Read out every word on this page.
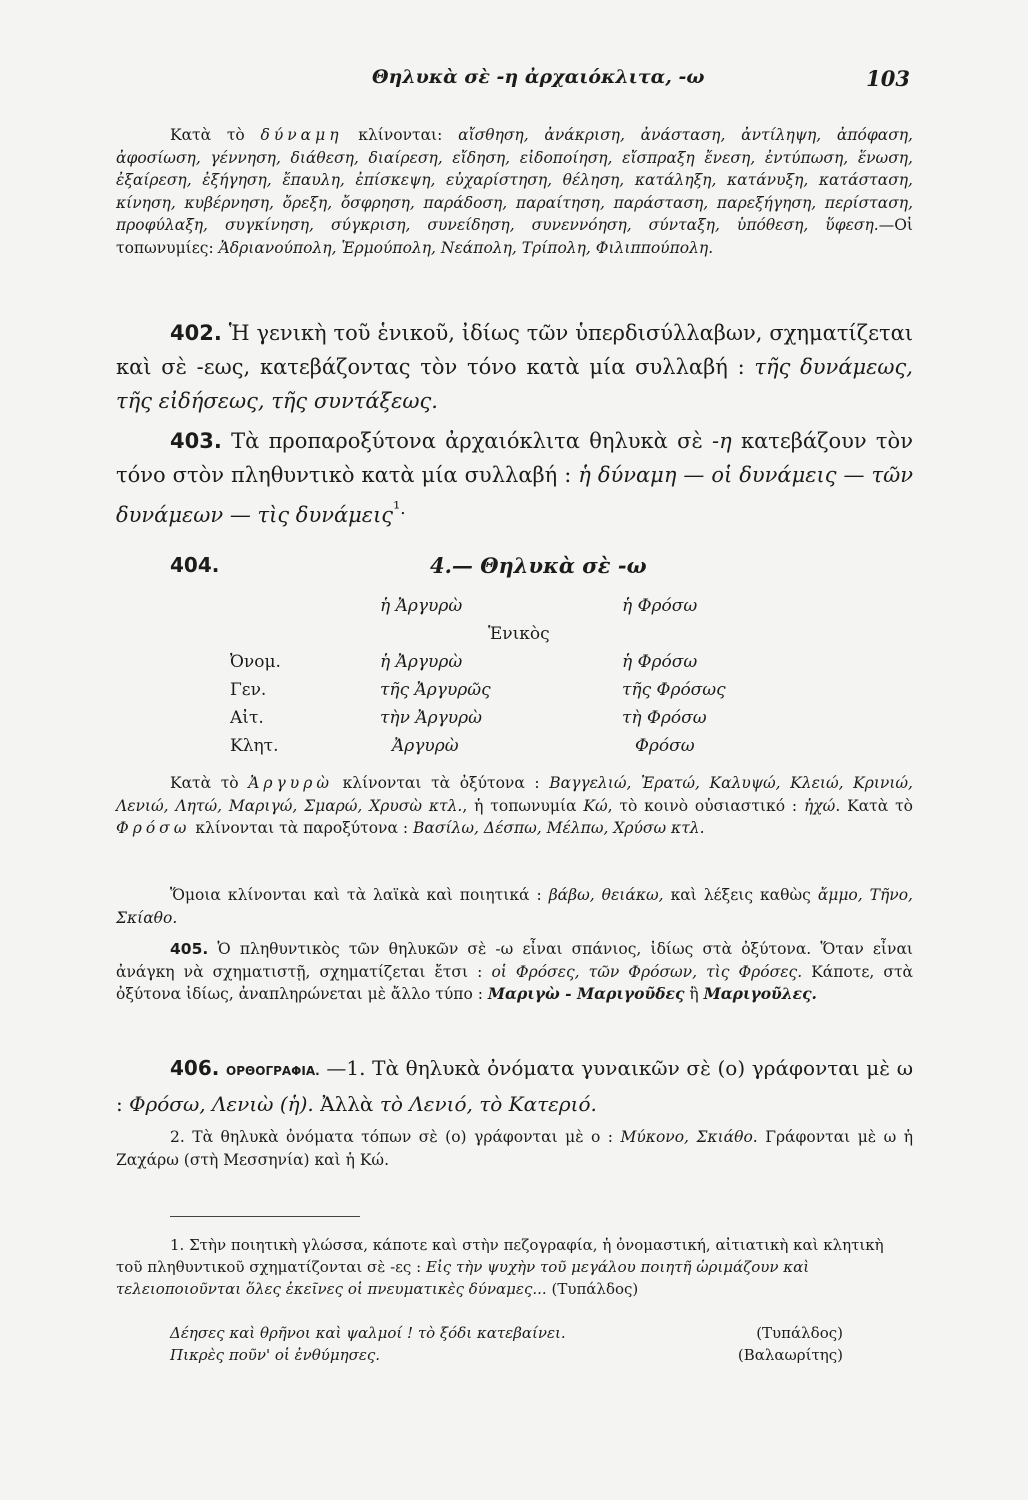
Θηλυκὰ σὲ -η ἀρχαιόκλιτα, -ω	103
Κατὰ τὸ δύναμη κλίνονται: αἴσθηση, ἀνάκριση, ἀνάσταση, ἀντίληψη, ἀπόφαση, ἀφοσίωση, γέννηση, διάθεση, διαίρεση, εἴδηση, εἰδοποίηση, εἴσπραξη ἔνεση, ἐντύπωση, ἕνωση, ἐξαίρεση, ἐξήγηση, ἔπαυλη, ἐπίσκεψη, εὐχαρίστηση, θέληση, κατάληξη, κατάνυξη, κατάσταση, κίνηση, κυβέρνηση, ὄρεξη, ὄσφρηση, παράδοση, παραίτηση, παράσταση, παρεξήγηση, περίσταση, προφύλαξη, συγκίνηση, σύγκριση, συνείδηση, συνεννόηση, σύνταξη, ὑπόθεση, ὕφεση.—Οἱ τοπωνυμίες: Ἀδριανούπολη, Ἑρμούπολη, Νεάπολη, Τρίπολη, Φιλιππούπολη.
402. Ἡ γενικὴ τοῦ ἑνικοῦ, ἰδίως τῶν ὑπερδισύλλαβων, σχηματίζεται καὶ σὲ -εως, κατεβάζοντας τὸν τόνο κατὰ μία συλλαβή : τῆς δυνάμεως, τῆς εἰδήσεως, τῆς συντάξεως.
403. Τὰ προπαροξύτονα ἀρχαιόκλιτα θηλυκὰ σὲ -η κατεβάζουν τὸν τόνο στὸν πληθυντικὸ κατὰ μία συλλαβή : ἡ δύναμη — οἱ δυνάμεις — τῶν δυνάμεων — τὶς δυνάμεις$^{^1.}$
404.	4.— Θηλυκὰ σὲ -ω
ἡ Ἀργυρὼ	ἡ Φρόσω
Ἑνικὸς
Ὀνομ.	ἡ Ἀργυρὼ	ἡ Φρόσω
Γεν.	τῆς Ἀργυρῶς	τῆς Φρόσως
Αἰτ.	τὴν Ἀργυρὼ	τὴ Φρόσω
Κλητ.	Ἀργυρὼ	Φρόσω
Κατὰ τὸ Ἀργυρὼ κλίνονται τὰ ὀξύτονα : Βαγγελιώ, Ἐρατώ, Καλυψώ, Κλειώ, Κρινιώ, Λενιώ, Λητώ, Μαριγώ, Σμαρώ, Χρυσὼ κτλ., ἡ τοπωνυμία Κώ, τὸ κοινὸ οὐσιαστικό : ἠχώ. Κατὰ τὸ Φρόσω κλίνονται τὰ παροξύτονα : Βασίλω, Δέσπω, Μέλπω, Χρύσω κτλ.
Ὅμοια κλίνονται καὶ τὰ λαϊκὰ καὶ ποιητικά : βάβω, θειάκω, καὶ λέξεις καθὼς ἄμμο, Τῆνο, Σκίαθο.
405. Ὁ πληθυντικὸς τῶν θηλυκῶν σὲ -ω εἶναι σπάνιος, ἰδίως στὰ ὀξύτονα. Ὅταν εἶναι ἀνάγκη νὰ σχηματιστῇ, σχηματίζεται ἔτσι : οἱ Φρόσες, τῶν Φρόσων, τὶς Φρόσες. Κάποτε, στὰ ὀξύτονα ἰδίως, ἀναπληρώνεται μὲ ἄλλο τύπο : Μαριγὼ - Μαριγοῦδες ἢ Μαριγοῦλες.
406. ΟΡΘΟΓΡΑΦΙΑ. —1. Τὰ θηλυκὰ ὀνόματα γυναικῶν σὲ (ο) γράφονται μὲ ω : Φρόσω, Λενιὼ (ἡ). Ἀλλὰ τὸ Λενιό, τὸ Κατεριό.
2. Τὰ θηλυκὰ ὀνόματα τόπων σὲ (ο) γράφονται μὲ ο : Μύκονο, Σκιάθο. Γράφονται μὲ ω ἡ Ζαχάρω (στὴ Μεσσηνία) καὶ ἡ Κώ.
1. Στὴν ποιητικὴ γλώσσα, κάποτε καὶ στὴν πεζογραφία, ἡ ὀνομαστική, αἰτιατικὴ καὶ κλητικὴ τοῦ πληθυντικοῦ σχηματίζονται σὲ -ες : Εἰς τὴν ψυχὴν τοῦ μεγάλου ποιητῆ ὡριμάζουν καὶ τελειοποιοῦνται ὅλες ἐκεῖνες οἱ πνευματικὲς δύναμες... (Τυπάλδος)
Δέησες καὶ θρῆνοι καὶ ψαλμοί ! τὸ ξόδι κατεβαίνει.	(Τυπάλδος)
Πικρὲς ποῦν' οἱ ἐνθύμησες.	(Βαλαωρίτης)
